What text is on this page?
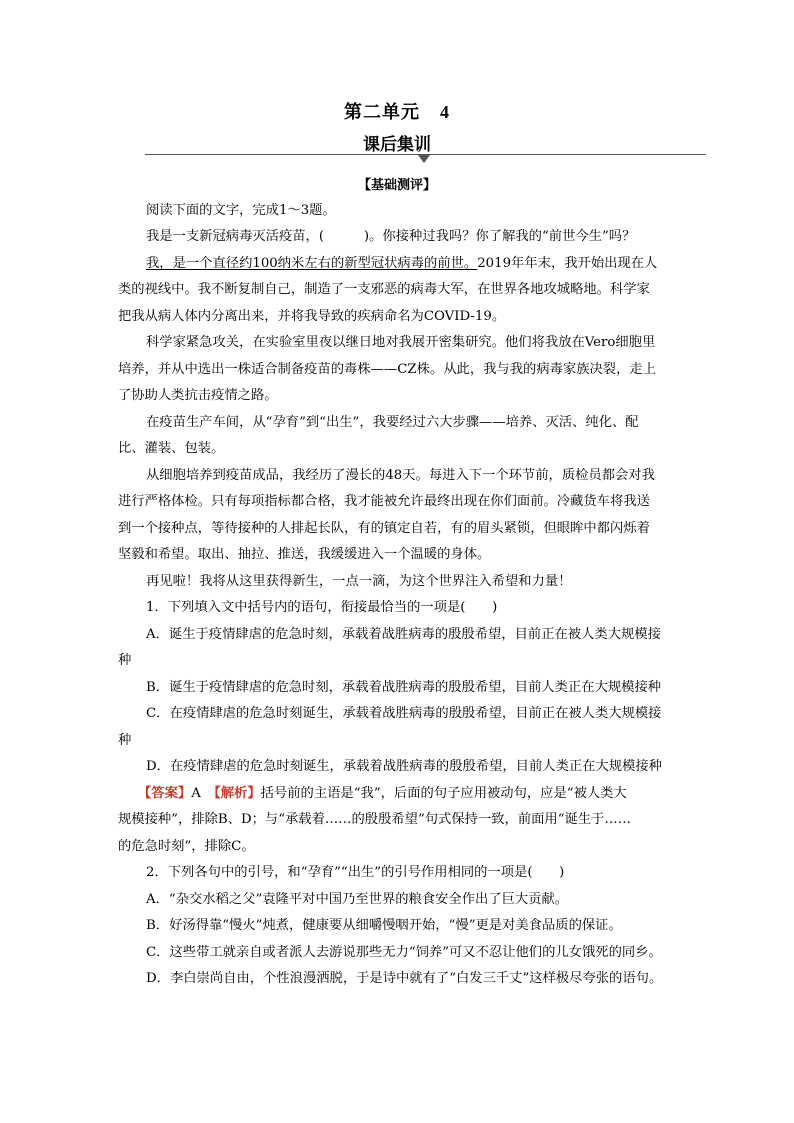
第二单元 4
课后集训
【基础测评】
阅读下面的文字，完成1～3题。
我是一支新冠病毒灭活疫苗，(　　　)。你接种过我吗？你了解我的“前世今生”吗？
我，是一个直径约100纳米左右的新型冠状病毒的前世。2019年年末，我开始出现在人
类的视线中。我不断复制自己，制造了一支邪恶的病毒大军，在世界各地攻城略地。科学家
把我从病人体内分离出来，并将我导致的疾病命名为COVID-19。
科学家紧急攻关，在实验室里夜以继日地对我展开密集研究。他们将我放在Vero细胞里
培养，并从中选出一株适合制备疫苗的毒株——CZ株。从此，我与我的病毒家族决裂，走上
了协助人类抗击疫情之路。
在疫苗生产车间，从“孕育”到“出生”，我要经过六大步骤——培养、灭活、纯化、配
比、灌装、包装。
从细胞培养到疫苗成品，我经历了漫长的48天。每进入下一个环节前，质检员都会对我
进行严格体检。只有每项指标都合格，我才能被允许最终出现在你们面前。冷藏货车将我送
到一个接种点，等待接种的人排起长队，有的镇定自若，有的眉头紧锁，但眼眸中都闪烁着
坚毅和希望。取出、抽拉、推送，我缓缓进入一个温暖的身体。
再见啦！我将从这里获得新生，一点一滴，为这个世界注入希望和力量！
1．下列填入文中括号内的语句，衔接最恰当的一项是(　　)
A．诞生于疫情肆虐的危急时刻，承载着战胜病毒的殷殷希望，目前正在被人类大规模接
种
B．诞生于疫情肆虐的危急时刻，承载着战胜病毒的殷殷希望，目前人类正在大规模接种
C．在疫情肆虐的危急时刻诞生，承载着战胜病毒的殷殷希望，目前正在被人类大规模接
种
D．在疫情肆虐的危急时刻诞生，承载着战胜病毒的殷殷希望，目前人类正在大规模接种
【答案】A　 【解析】括号前的主语是“我”，后面的句子应用被动句，应是“被人类大
规模接种”，排除B、D；与“承载着……的殷殷希望”句式保持一致，前面用“诞生于……
的危急时刻”，排除C。
2．下列各句中的引号，和“孕育”“出生”的引号作用相同的一项是(　　)
A．“杂交水稻之父”袁隆平对中国乃至世界的粮食安全作出了巨大贡献。
B．好汤得靠“慢火”炖煮，健康要从细嚼慢咽开始，“慢”更是对美食品质的保证。
C．这些带工就亲自或者派人去游说那些无力“饲养”可又不忍让他们的儿女饿死的同乡。
D．李白崇尚自由，个性浪漫洒脱，于是诗中就有了“白发三千丈”这样极尽夸张的语句。
